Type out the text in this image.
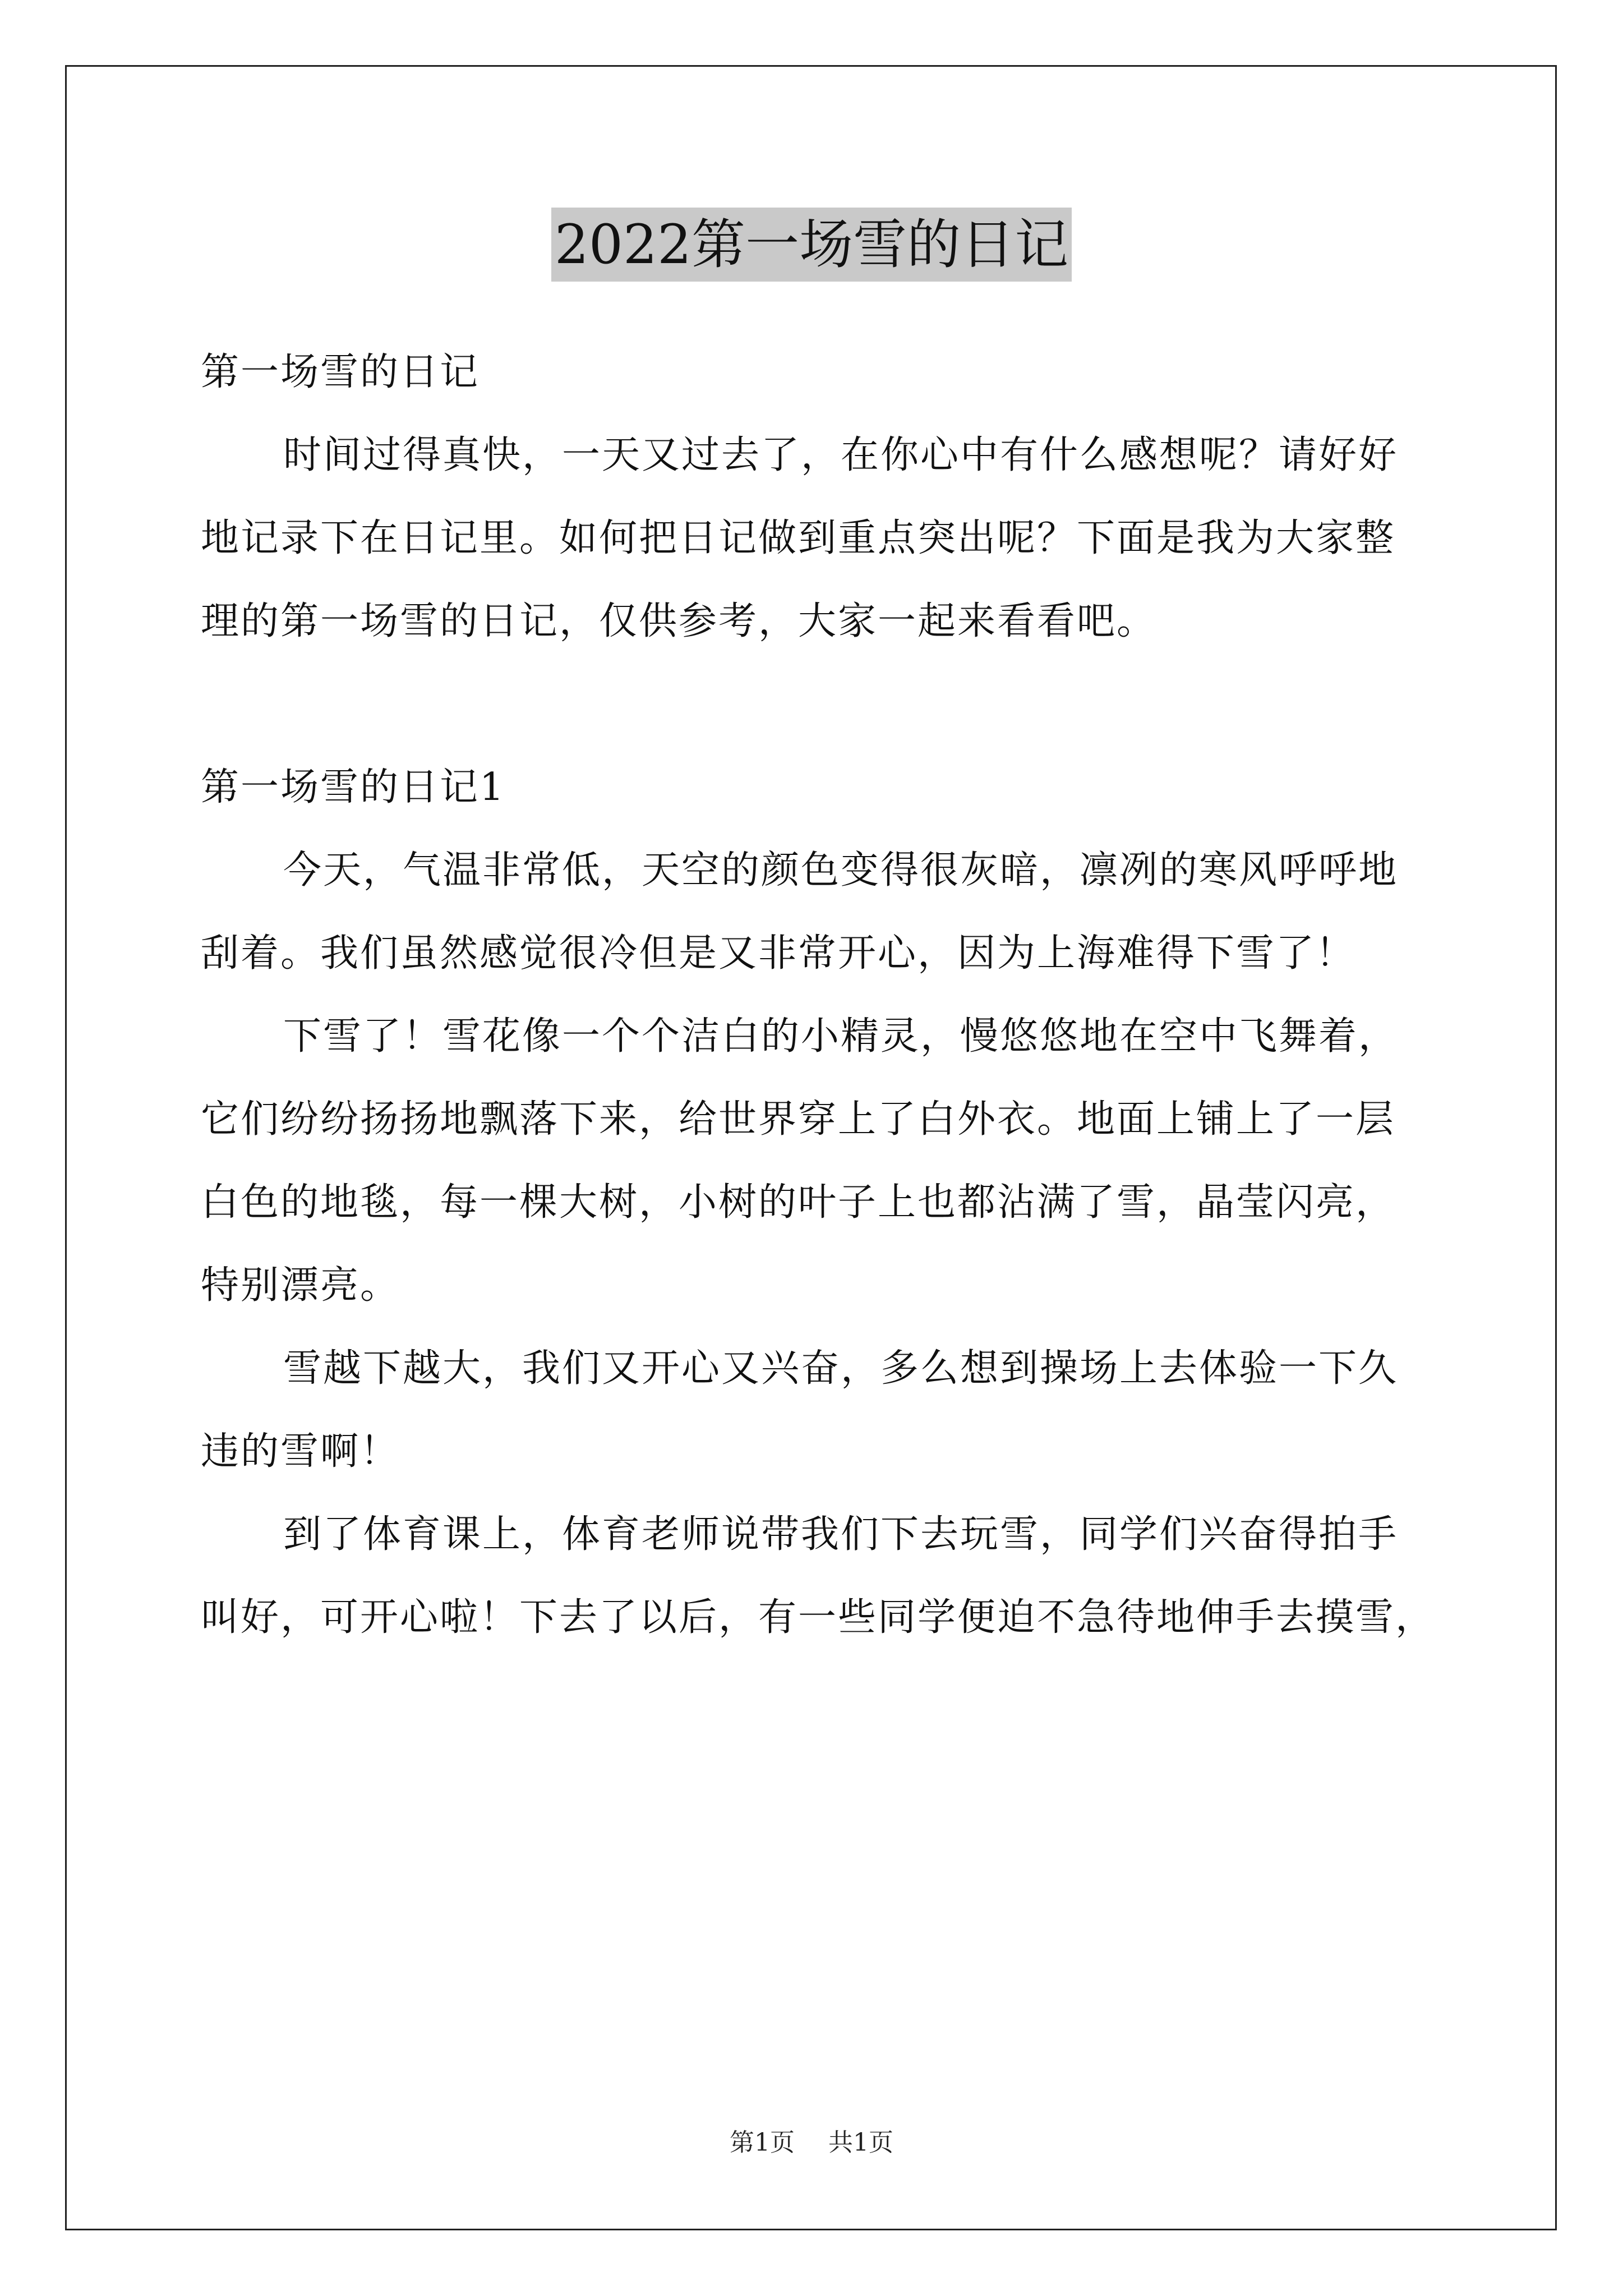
2022第一场雪的日记
第一场雪的日记
时间过得真快，一天又过去了，在你心中有什么感想呢？请好好
地记录下在日记里。如何把日记做到重点突出呢？下面是我为大家整
理的第一场雪的日记，仅供参考，大家一起来看看吧。
第一场雪的日记1
今天，气温非常低，天空的颜色变得很灰暗，凛冽的寒风呼呼地
刮着。我们虽然感觉很冷但是又非常开心，因为上海难得下雪了！
下雪了！雪花像一个个洁白的小精灵，慢悠悠地在空中飞舞着，
它们纷纷扬扬地飘落下来，给世界穿上了白外衣。地面上铺上了一层
白色的地毯，每一棵大树，小树的叶子上也都沾满了雪，晶莹闪亮，
特别漂亮。
雪越下越大，我们又开心又兴奋，多么想到操场上去体验一下久
违的雪啊！
到了体育课上，体育老师说带我们下去玩雪，同学们兴奋得拍手
叫好，可开心啦！下去了以后，有一些同学便迫不急待地伸手去摸雪，
第1页 共1页
